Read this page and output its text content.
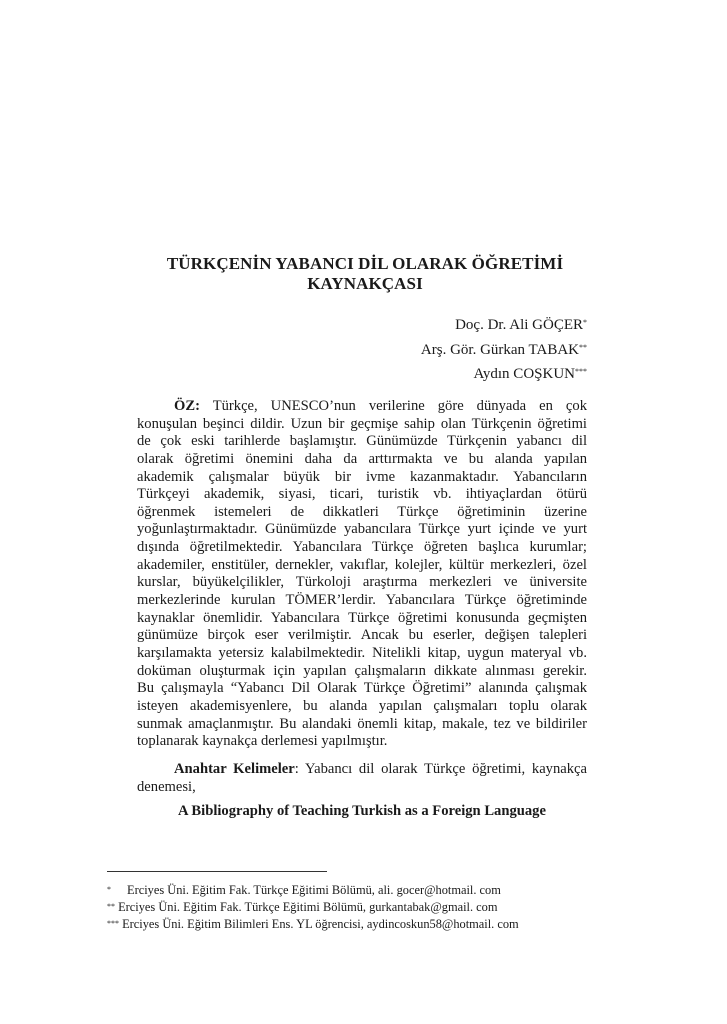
TÜRKÇENİN YABANCI DİL OLARAK ÖĞRETİMİ
KAYNAKÇASI
Doç. Dr. Ali GÖÇER*
Arş. Gör. Gürkan TABAK**
Aydın COŞKUN***
ÖZ: Türkçe, UNESCO’nun verilerine göre dünyada en çok
konuşulan beşinci dildir. Uzun bir geçmişe sahip olan Türkçenin öğretimi
de çok eski tarihlerde başlamıştır. Günümüzde Türkçenin yabancı dil
olarak öğretimi önemini daha da arttırmakta ve bu alanda yapılan
akademik çalışmalar büyük bir ivme kazanmaktadır. Yabancıların
Türkçeyi akademik, siyasi, ticari, turistik vb. ihtiyaçlardan ötürü
öğrenmek istemeleri de dikkatleri Türkçe öğretiminin üzerine
yoğunlaştırmaktadır. Günümüzde yabancılara Türkçe yurt içinde ve yurt
dışında öğretilmektedir. Yabancılara Türkçe öğreten başlıca kurumlar;
akademiler, enstitüler, dernekler, vakıflar, kolejler, kültür merkezleri, özel
kurslar, büyükelçilikler, Türkoloji araştırma merkezleri ve üniversite
merkezlerinde kurulan TÖMER’lerdir. Yabancılara Türkçe öğretiminde
kaynaklar önemlidir. Yabancılara Türkçe öğretimi konusunda geçmişten
günümüze birçok eser verilmiştir. Ancak bu eserler, değişen talepleri
karşılamakta yetersiz kalabilmektedir. Nitelikli kitap, uygun materyal vb.
doküman oluşturmak için yapılan çalışmaların dikkate alınması gerekir.
Bu çalışmayla “Yabancı Dil Olarak Türkçe Öğretimi” alanında çalışmak
isteyen akademisyenlere, bu alanda yapılan çalışmaları toplu olarak
sunmak amaçlanmıştır. Bu alandaki önemli kitap, makale, tez ve bildiriler
toplanarak kaynakça derlemesi yapılmıştır.
Anahtar Kelimeler: Yabancı dil olarak Türkçe öğretimi, kaynakça
denemesi,
A Bibliography of Teaching Turkish as a Foreign Language
* Erciyes Üni. Eğitim Fak. Türkçe Eğitimi Bölümü, ali. gocer@hotmail. com
** Erciyes Üni. Eğitim Fak. Türkçe Eğitimi Bölümü, gurkantabak@gmail. com
*** Erciyes Üni. Eğitim Bilimleri Ens. YL öğrencisi, aydincoskun58@hotmail. com
